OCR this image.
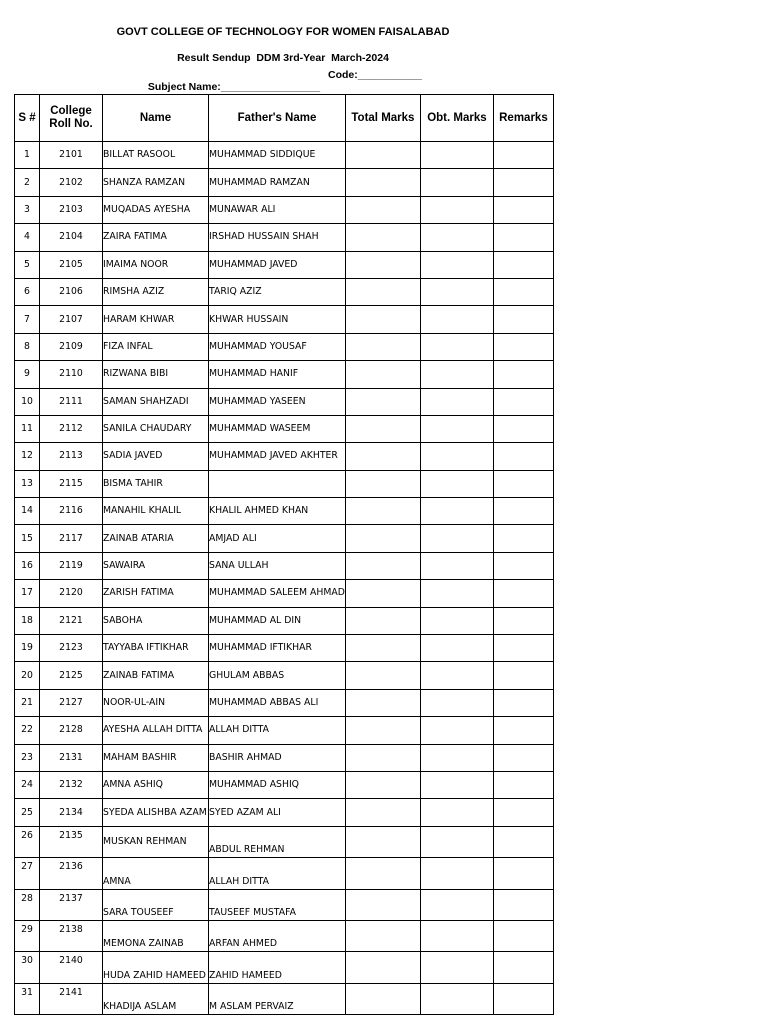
GOVT COLLEGE OF TECHNOLOGY FOR WOMEN FAISALABAD
Result Sendup  DDM 3rd-Year  March-2024

Subject Name:_________________

Code:___________

S #	College Roll No.	Name	Father's Name	Total Marks	Obt. Marks	Remarks
1	2101	BILLAT RASOOL	MUHAMMAD SIDDIQUE			
2	2102	SHANZA RAMZAN	MUHAMMAD RAMZAN			
3	2103	MUQADAS AYESHA	MUNAWAR ALI			
4	2104	ZAIRA FATIMA	IRSHAD HUSSAIN SHAH			
5	2105	IMAIMA NOOR	MUHAMMAD JAVED			
6	2106	RIMSHA AZIZ	TARIQ AZIZ			
7	2107	HARAM KHWAR	KHWAR HUSSAIN			
8	2109	FIZA INFAL	MUHAMMAD YOUSAF			
9	2110	RIZWANA BIBI	MUHAMMAD HANIF			
10	2111	SAMAN SHAHZADI	MUHAMMAD YASEEN			
11	2112	SANILA CHAUDARY	MUHAMMAD WASEEM			
12	2113	SADIA JAVED	MUHAMMAD JAVED AKHTER			
13	2115	BISMA TAHIR				
14	2116	MANAHIL KHALIL	KHALIL AHMED KHAN			
15	2117	ZAINAB ATARIA	AMJAD ALI			
16	2119	SAWAIRA	SANA ULLAH			
17	2120	ZARISH FATIMA	MUHAMMAD SALEEM AHMAD			
18	2121	SABOHA	MUHAMMAD AL DIN			
19	2123	TAYYABA IFTIKHAR	MUHAMMAD IFTIKHAR			
20	2125	ZAINAB FATIMA	GHULAM ABBAS			
21	2127	NOOR-UL-AIN	MUHAMMAD ABBAS ALI			
22	2128	AYESHA ALLAH DITTA	ALLAH DITTA			
23	2131	MAHAM BASHIR	BASHIR AHMAD			
24	2132	AMNA ASHIQ	MUHAMMAD ASHIQ			
25	2134	SYEDA ALISHBA AZAM	SYED AZAM ALI			
26	2135	MUSKAN REHMAN	ABDUL REHMAN			
27	2136	AMNA	ALLAH DITTA			
28	2137	SARA TOUSEEF	TAUSEEF MUSTAFA			
29	2138	MEMONA ZAINAB	ARFAN AHMED			
30	2140	HUDA ZAHID HAMEED	ZAHID HAMEED			
31	2141	KHADIJA ASLAM	M ASLAM PERVAIZ			
